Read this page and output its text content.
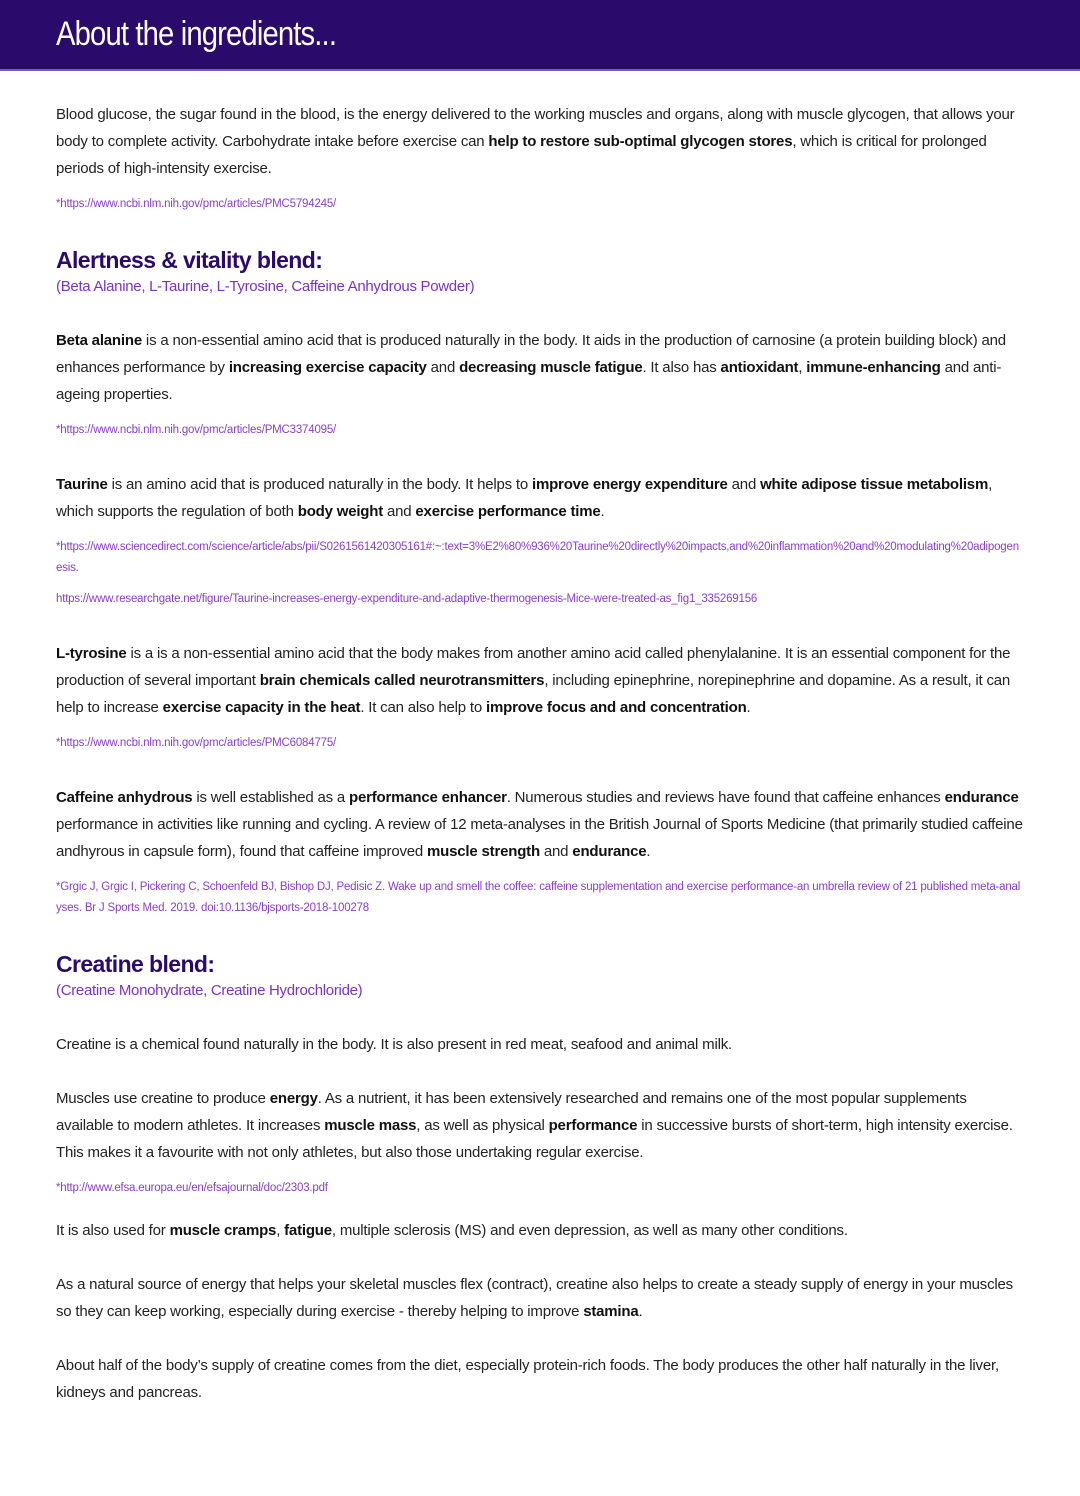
About the ingredients...

Blood glucose, the sugar found in the blood, is the energy delivered to the working muscles and organs, along with muscle glycogen, that allows your body to complete activity. Carbohydrate intake before exercise can help to restore sub-optimal glycogen stores, which is critical for prolonged periods of high-intensity exercise.

*https://www.ncbi.nlm.nih.gov/pmc/articles/PMC5794245/

Alertness & vitality blend:

(Beta Alanine, L-Taurine, L-Tyrosine, Caffeine Anhydrous Powder)

Beta alanine is a non-essential amino acid that is produced naturally in the body. It aids in the production of carnosine (a protein building block) and enhances performance by increasing exercise capacity and decreasing muscle fatigue. It also has antioxidant, immune-enhancing and anti-ageing properties.

*https://www.ncbi.nlm.nih.gov/pmc/articles/PMC3374095/

Taurine is an amino acid that is produced naturally in the body. It helps to improve energy expenditure and white adipose tissue metabolism, which supports the regulation of both body weight and exercise performance time.

*https://www.sciencedirect.com/science/article/abs/pii/S0261561420305161#:~:text=3%E2%80%936%20Taurine%20directly%20impacts,and%20inflammation%20and%20modulating%20adipogenesis.

https://www.researchgate.net/figure/Taurine-increases-energy-expenditure-and-adaptive-thermogenesis-Mice-were-treated-as_fig1_335269156

L-tyrosine is a is a non-essential amino acid that the body makes from another amino acid called phenylalanine. It is an essential component for the production of several important brain chemicals called neurotransmitters, including epinephrine, norepinephrine and dopamine. As a result, it can help to increase exercise capacity in the heat. It can also help to improve focus and and concentration.

*https://www.ncbi.nlm.nih.gov/pmc/articles/PMC6084775/

Caffeine anhydrous is well established as a performance enhancer. Numerous studies and reviews have found that caffeine enhances endurance performance in activities like running and cycling. A review of 12 meta-analyses in the British Journal of Sports Medicine (that primarily studied caffeine andhyrous in capsule form), found that caffeine improved muscle strength and endurance.

*Grgic J, Grgic I, Pickering C, Schoenfeld BJ, Bishop DJ, Pedisic Z. Wake up and smell the coffee: caffeine supplementation and exercise performance-an umbrella review of 21 published meta-analyses. Br J Sports Med. 2019. doi:10.1136/bjsports-2018-100278

Creatine blend:

(Creatine Monohydrate, Creatine Hydrochloride)

Creatine is a chemical found naturally in the body. It is also present in red meat, seafood and animal milk.

Muscles use creatine to produce energy. As a nutrient, it has been extensively researched and remains one of the most popular supplements available to modern athletes. It increases muscle mass, as well as physical performance in successive bursts of short-term, high intensity exercise. This makes it a favourite with not only athletes, but also those undertaking regular exercise.

*http://www.efsa.europa.eu/en/efsajournal/doc/2303.pdf

It is also used for muscle cramps, fatigue, multiple sclerosis (MS) and even depression, as well as many other conditions.

As a natural source of energy that helps your skeletal muscles flex (contract), creatine also helps to create a steady supply of energy in your muscles so they can keep working, especially during exercise - thereby helping to improve stamina.

About half of the body’s supply of creatine comes from the diet, especially protein-rich foods. The body produces the other half naturally in the liver, kidneys and pancreas.
